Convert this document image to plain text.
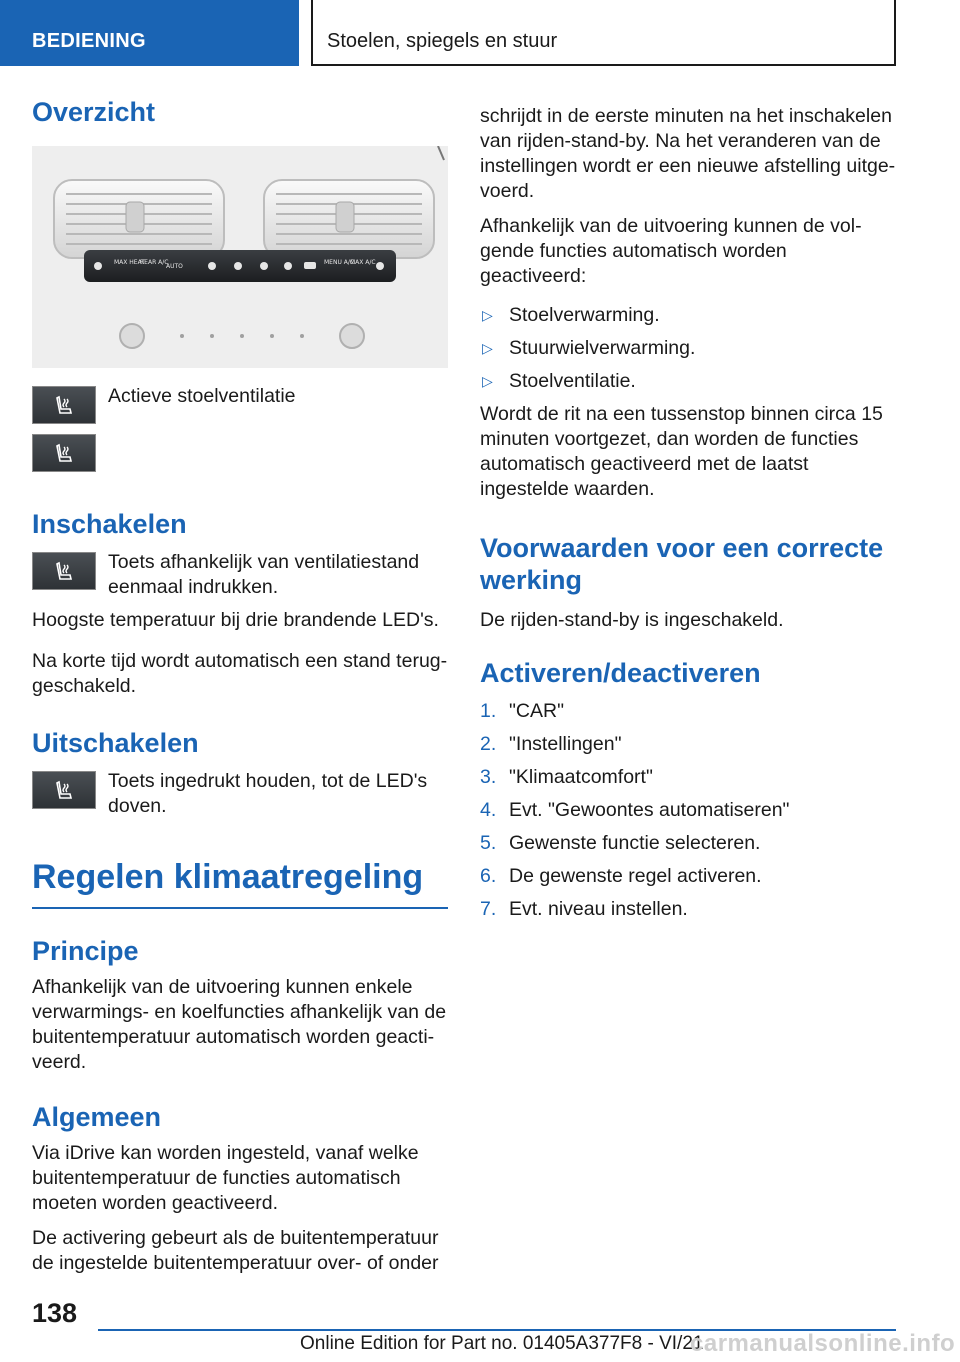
BEDIENING	Stoelen, spiegels en stuur
Overzicht
MAX HEAT
REAR A/C
AUTO
MENU A/C
MAX A/C
Actieve stoelventilatie
Inschakelen
Toets afhankelijk van ventilatiestand eenmaal indrukken.

Hoogste temperatuur bij drie brandende LED's.

Na korte tijd wordt automatisch een stand teruggeschakeld.

Uitschakelen
Toets ingedrukt houden, tot de LED's doven.
Regelen klimaatregeling
Principe

Afhankelijk van de uitvoering kunnen enkele verwarmings- en koelfuncties afhankelijk van de buitentemperatuur automatisch worden geactiveerd.

Algemeen

Via iDrive kan worden ingesteld, vanaf welke buitentemperatuur de functies automatisch moeten worden geactiveerd.

De activering gebeurt als de buitentemperatuur de ingestelde buitentemperatuur over- of onder

schrijdt in de eerste minuten na het inschakelen van rijden-stand-by. Na het veranderen van de instellingen wordt er een nieuwe afstelling uitgevoerd.

Afhankelijk van de uitvoering kunnen de volgende functies automatisch worden geactiveerd:

▷ Stoelverwarming.
▷ Stuurwielverwarming.
▷ Stoelventilatie.

Wordt de rit na een tussenstop binnen circa 15 minuten voortgezet, dan worden de functies automatisch geactiveerd met de laatst ingestelde waarden.

Voorwaarden voor een correcte werking

De rijden-stand-by is ingeschakeld.

Activeren/deactiveren
1. "CAR"
2. "Instellingen"
3. "Klimaatcomfort"
4. Evt. "Gewoontes automatiseren"
5. Gewenste functie selecteren.
6. De gewenste regel activeren.
7. Evt. niveau instellen.
138
Online Edition for Part no. 01405A377F8 - VI/21
carmanualsonline.info
